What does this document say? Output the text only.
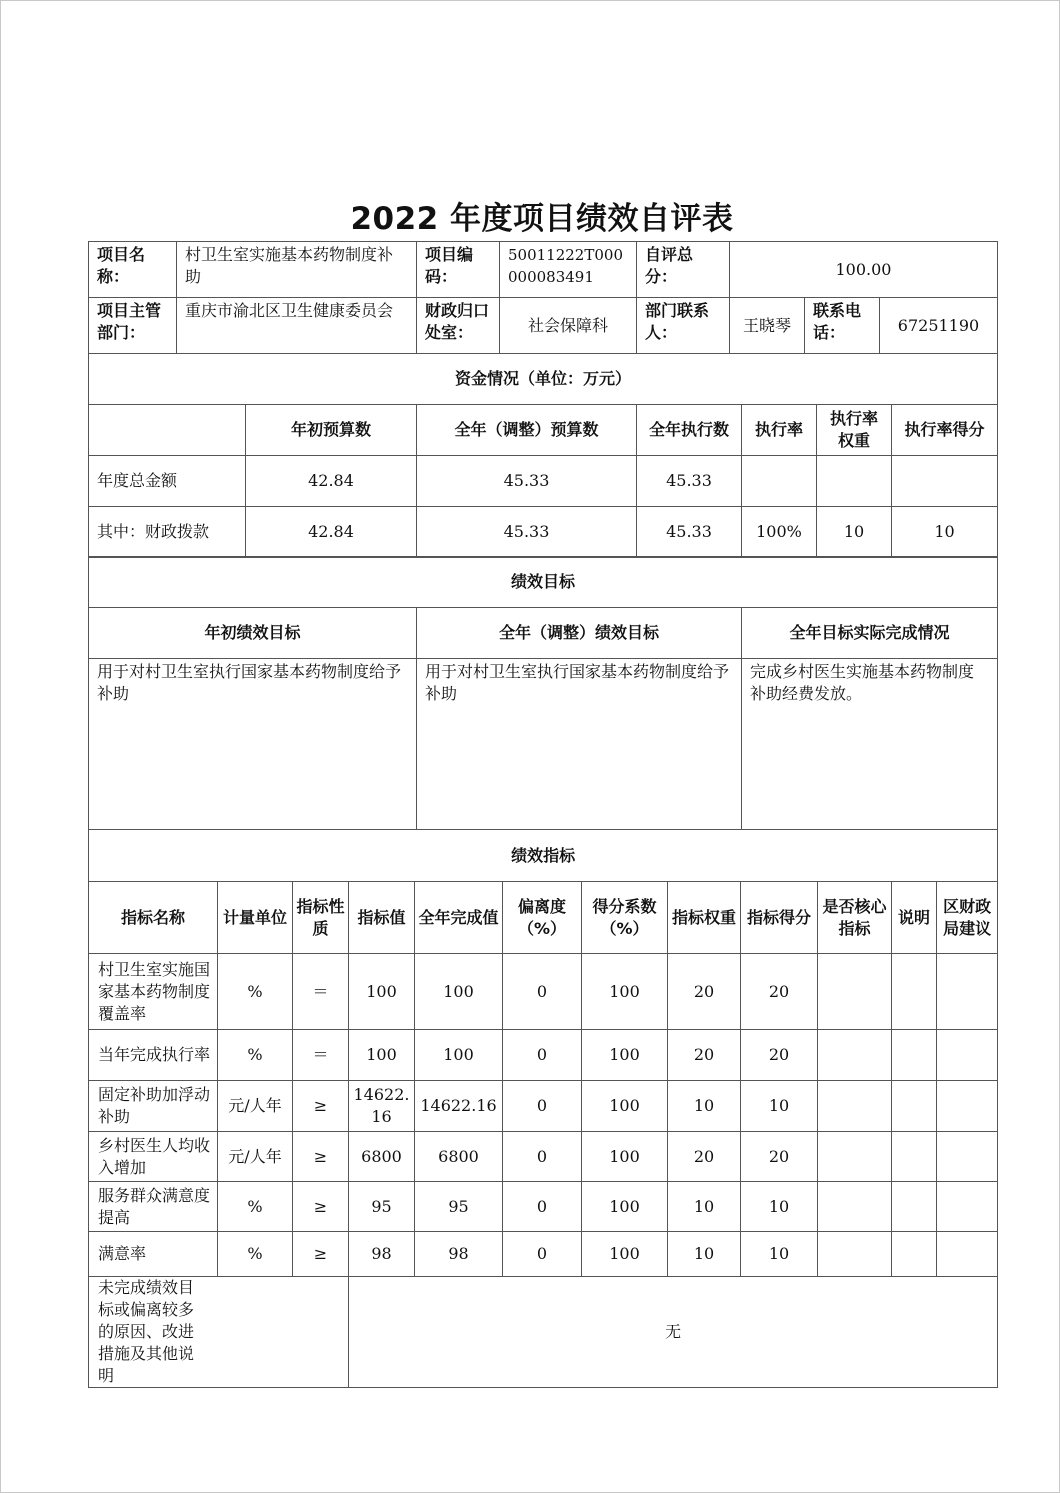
2022 年度项目绩效自评表
项目名称：	村卫生室实施基本药物制度补助	项目编码：	50011222T000000083491	自评总分：	100.00		
项目主管部门：	重庆市渝北区卫生健康委员会	财政归口处室：	社会保障科	部门联系人：	王晓琴	联系电话：	67251190
资金情况（单位：万元）						
	年初预算数	全年（调整）预算数	全年执行数	执行率	执行率权重	执行率得分
年度总金额	42.84	45.33	45.33			
其中：财政拨款	42.84	45.33	45.33	100%	10	10
绩效目标		
年初绩效目标	全年（调整）绩效目标	全年目标实际完成情况
用于对村卫生室执行国家基本药物制度给予补助	用于对村卫生室执行国家基本药物制度给予补助	完成乡村医生实施基本药物制度补助经费发放。
绩效指标											
指标名称	计量单位	指标性质	指标值	全年完成值	偏离度（%）	得分系数（%）	指标权重	指标得分	是否核心指标	说明	区财政局建议
村卫生室实施国家基本药物制度覆盖率	%	＝	100	100	0	100	20	20			
当年完成执行率	%	＝	100	100	0	100	20	20			
固定补助加浮动补助	元/人年	≥	14622.16	14622.16	0	100	10	10			
乡村医生人均收入增加	元/人年	≥	6800	6800	0	100	20	20			
服务群众满意度提高	%	≥	95	95	0	100	10	10			
满意率	%	≥	98	98	0	100	10	10			
未完成绩效目标或偏离较多的原因、改进措施及其他说明			无								
